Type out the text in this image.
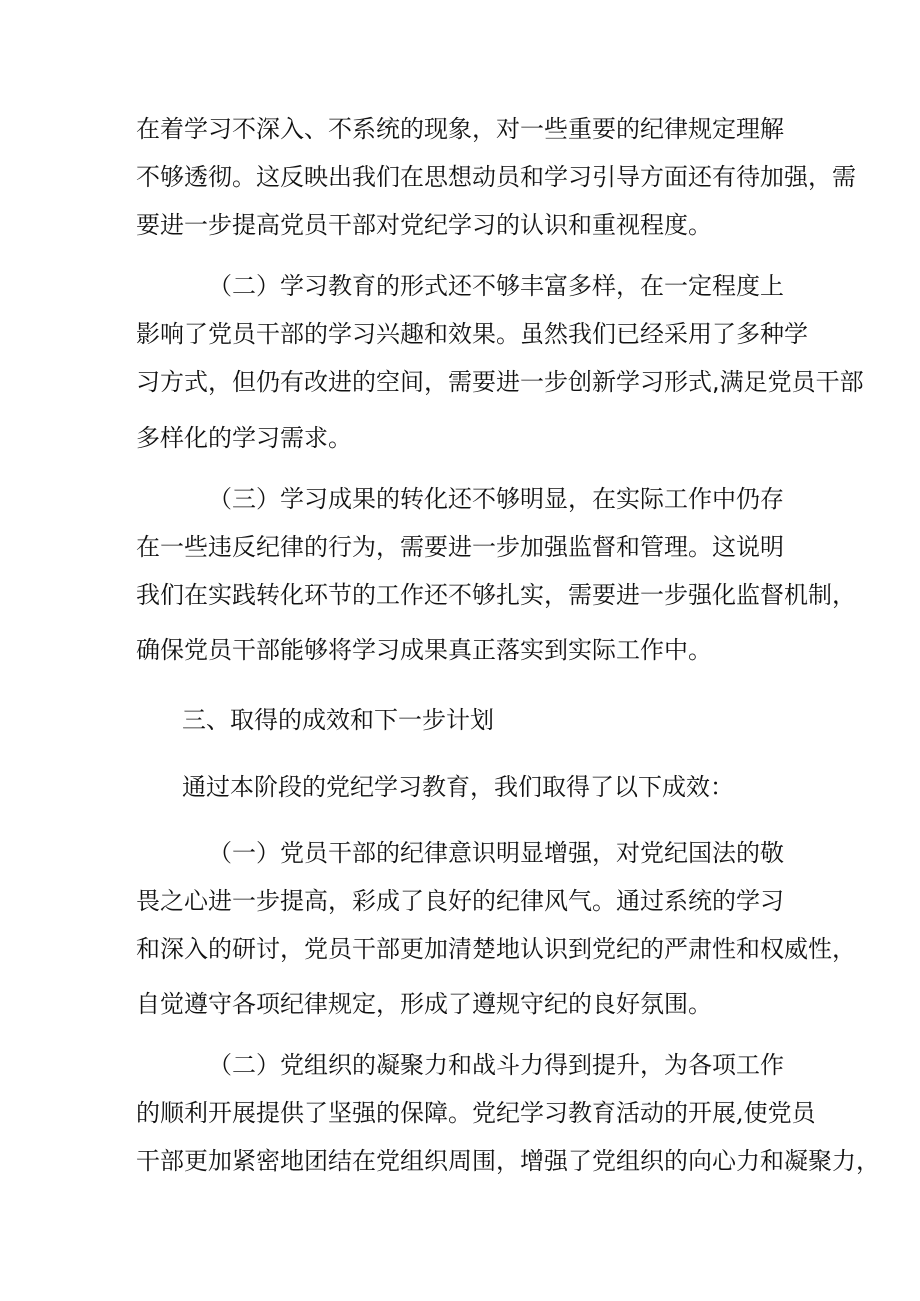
在着学习不深入、不系统的现象，对一些重要的纪律规定理解
不够透彻。这反映出我们在思想动员和学习引导方面还有待加强，需
要进一步提高党员干部对党纪学习的认识和重视程度。
（二）学习教育的形式还不够丰富多样，在一定程度上
影响了党员干部的学习兴趣和效果。虽然我们已经采用了多种学
习方式，但仍有改进的空间，需要进一步创新学习形式,满足党员干部
多样化的学习需求。
（三）学习成果的转化还不够明显，在实际工作中仍存
在一些违反纪律的行为，需要进一步加强监督和管理。这说明
我们在实践转化环节的工作还不够扎实，需要进一步强化监督机制，
确保党员干部能够将学习成果真正落实到实际工作中。
三、取得的成效和下一步计划
通过本阶段的党纪学习教育，我们取得了以下成效：
（一）党员干部的纪律意识明显增强，对党纪国法的敬
畏之心进一步提高，彩成了良好的纪律风气。通过系统的学习
和深入的研讨，党员干部更加清楚地认识到党纪的严肃性和权威性，
自觉遵守各项纪律规定，形成了遵规守纪的良好氛围。
（二）党组织的凝聚力和战斗力得到提升，为各项工作
的顺利开展提供了坚强的保障。党纪学习教育活动的开展,使党员
干部更加紧密地团结在党组织周围，增强了党组织的向心力和凝聚力，
